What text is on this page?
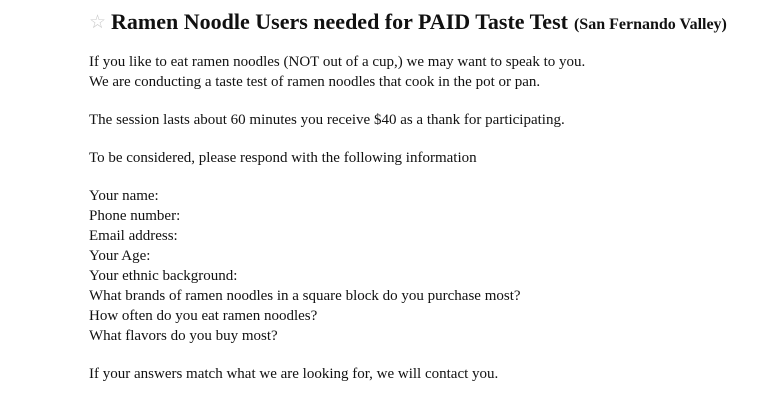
☆ Ramen Noodle Users needed for PAID Taste Test (San Fernando Valley)
If you like to eat ramen noodles (NOT out of a cup,) we may want to speak to you.
We are conducting a taste test of ramen noodles that cook in the pot or pan.
The session lasts about 60 minutes you receive $40 as a thank for participating.
To be considered, please respond with the following information
Your name:
Phone number:
Email address:
Your Age:
Your ethnic background:
What brands of ramen noodles in a square block do you purchase most?
How often do you eat ramen noodles?
What flavors do you buy most?
If your answers match what we are looking for, we will contact you.
